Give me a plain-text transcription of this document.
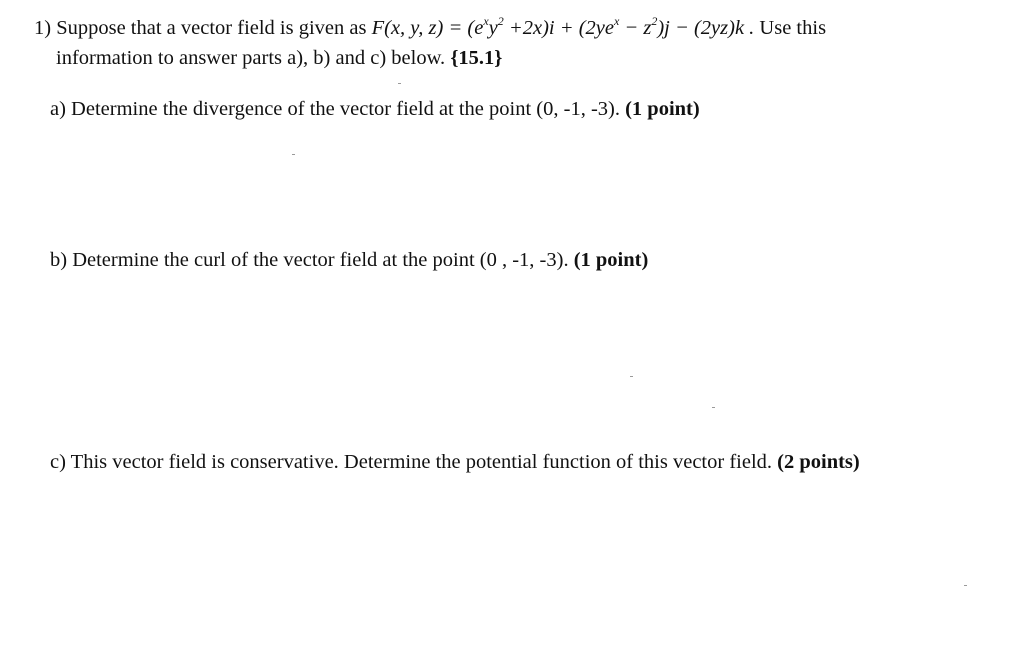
1) Suppose that a vector field is given as F(x, y, $z) = (e^xy^2 +2x)i + (2ye^x - z^2)j - (2yz)k$ . Use this
information to answer parts a), b) and c) below. {15.1}
a) Determine the divergence of the vector field at the point (0, -1, -3). (1 point)
b) Determine the curl of the vector field at the point (0 , -1, -3). (1 point)
c) This vector field is conservative. Determine the potential function of this vector field. (2 points)
